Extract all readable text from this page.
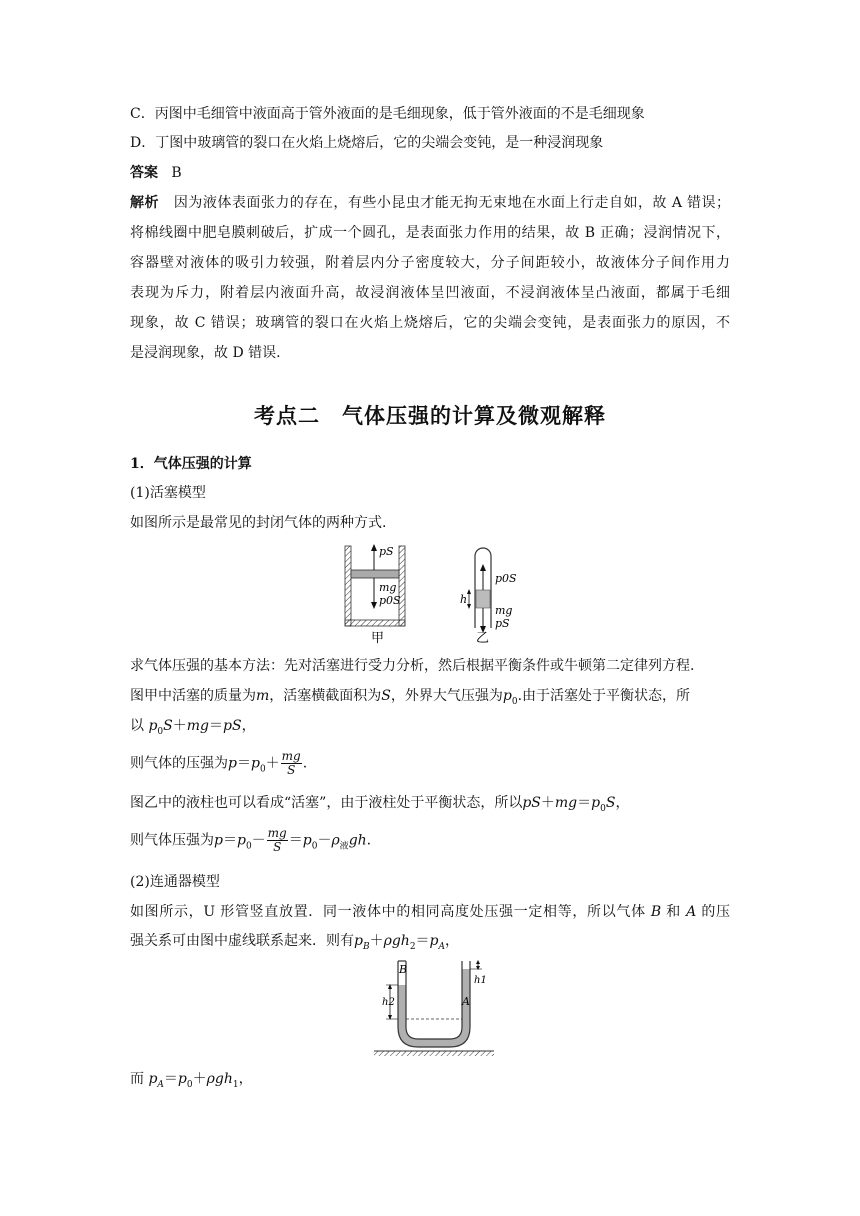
C．丙图中毛细管中液面高于管外液面的是毛细现象，低于管外液面的不是毛细现象
D．丁图中玻璃管的裂口在火焰上烧熔后，它的尖端会变钝，是一种浸润现象
答案 B
解析 因为液体表面张力的存在，有些小昆虫才能无拘无束地在水面上行走自如，故 A 错误；
将棉线圈中肥皂膜刺破后，扩成一个圆孔，是表面张力作用的结果，故 B 正确；浸润情况下，
容器壁对液体的吸引力较强，附着层内分子密度较大，分子间距较小，故液体分子间作用力
表现为斥力，附着层内液面升高，故浸润液体呈凹液面，不浸润液体呈凸液面，都属于毛细
现象，故 C 错误；玻璃管的裂口在火焰上烧熔后，它的尖端会变钝，是表面张力的原因，不
是浸润现象，故 D 错误.
考点二　气体压强的计算及微观解释
1．气体压强的计算
(1)活塞模型
如图所示是最常见的封闭气体的两种方式.
pS
mg
p0S
甲
h
p0S
mg
pS
乙
求气体压强的基本方法：先对活塞进行受力分析，然后根据平衡条件或牛顿第二定律列方程.
图甲中活塞的质量为m，活塞横截面积为S，外界大气压强为$p_0$.由于活塞处于平衡状态，所
以 $p_0S+mg=pS$，
则气体的压强为$p=p_0+ \frac{mg}{S}$ .
图乙中的液柱也可以看成“活塞”，由于液柱处于平衡状态，所以$pS+mg=p_0S$，
则气体压强为$p=p_0- \frac{mg}{S} =p_0-\rho_液gh$.
(2)连通器模型
如图所示，U 形管竖直放置．同一液体中的相同高度处压强一定相等，所以气体 B 和 A 的压
强关系可由图中虚线联系起来．则有$p_B+\rho gh_2=p_A$，
h2
h1
B
A
而 $p_A=p_0+\rho gh_1$，
